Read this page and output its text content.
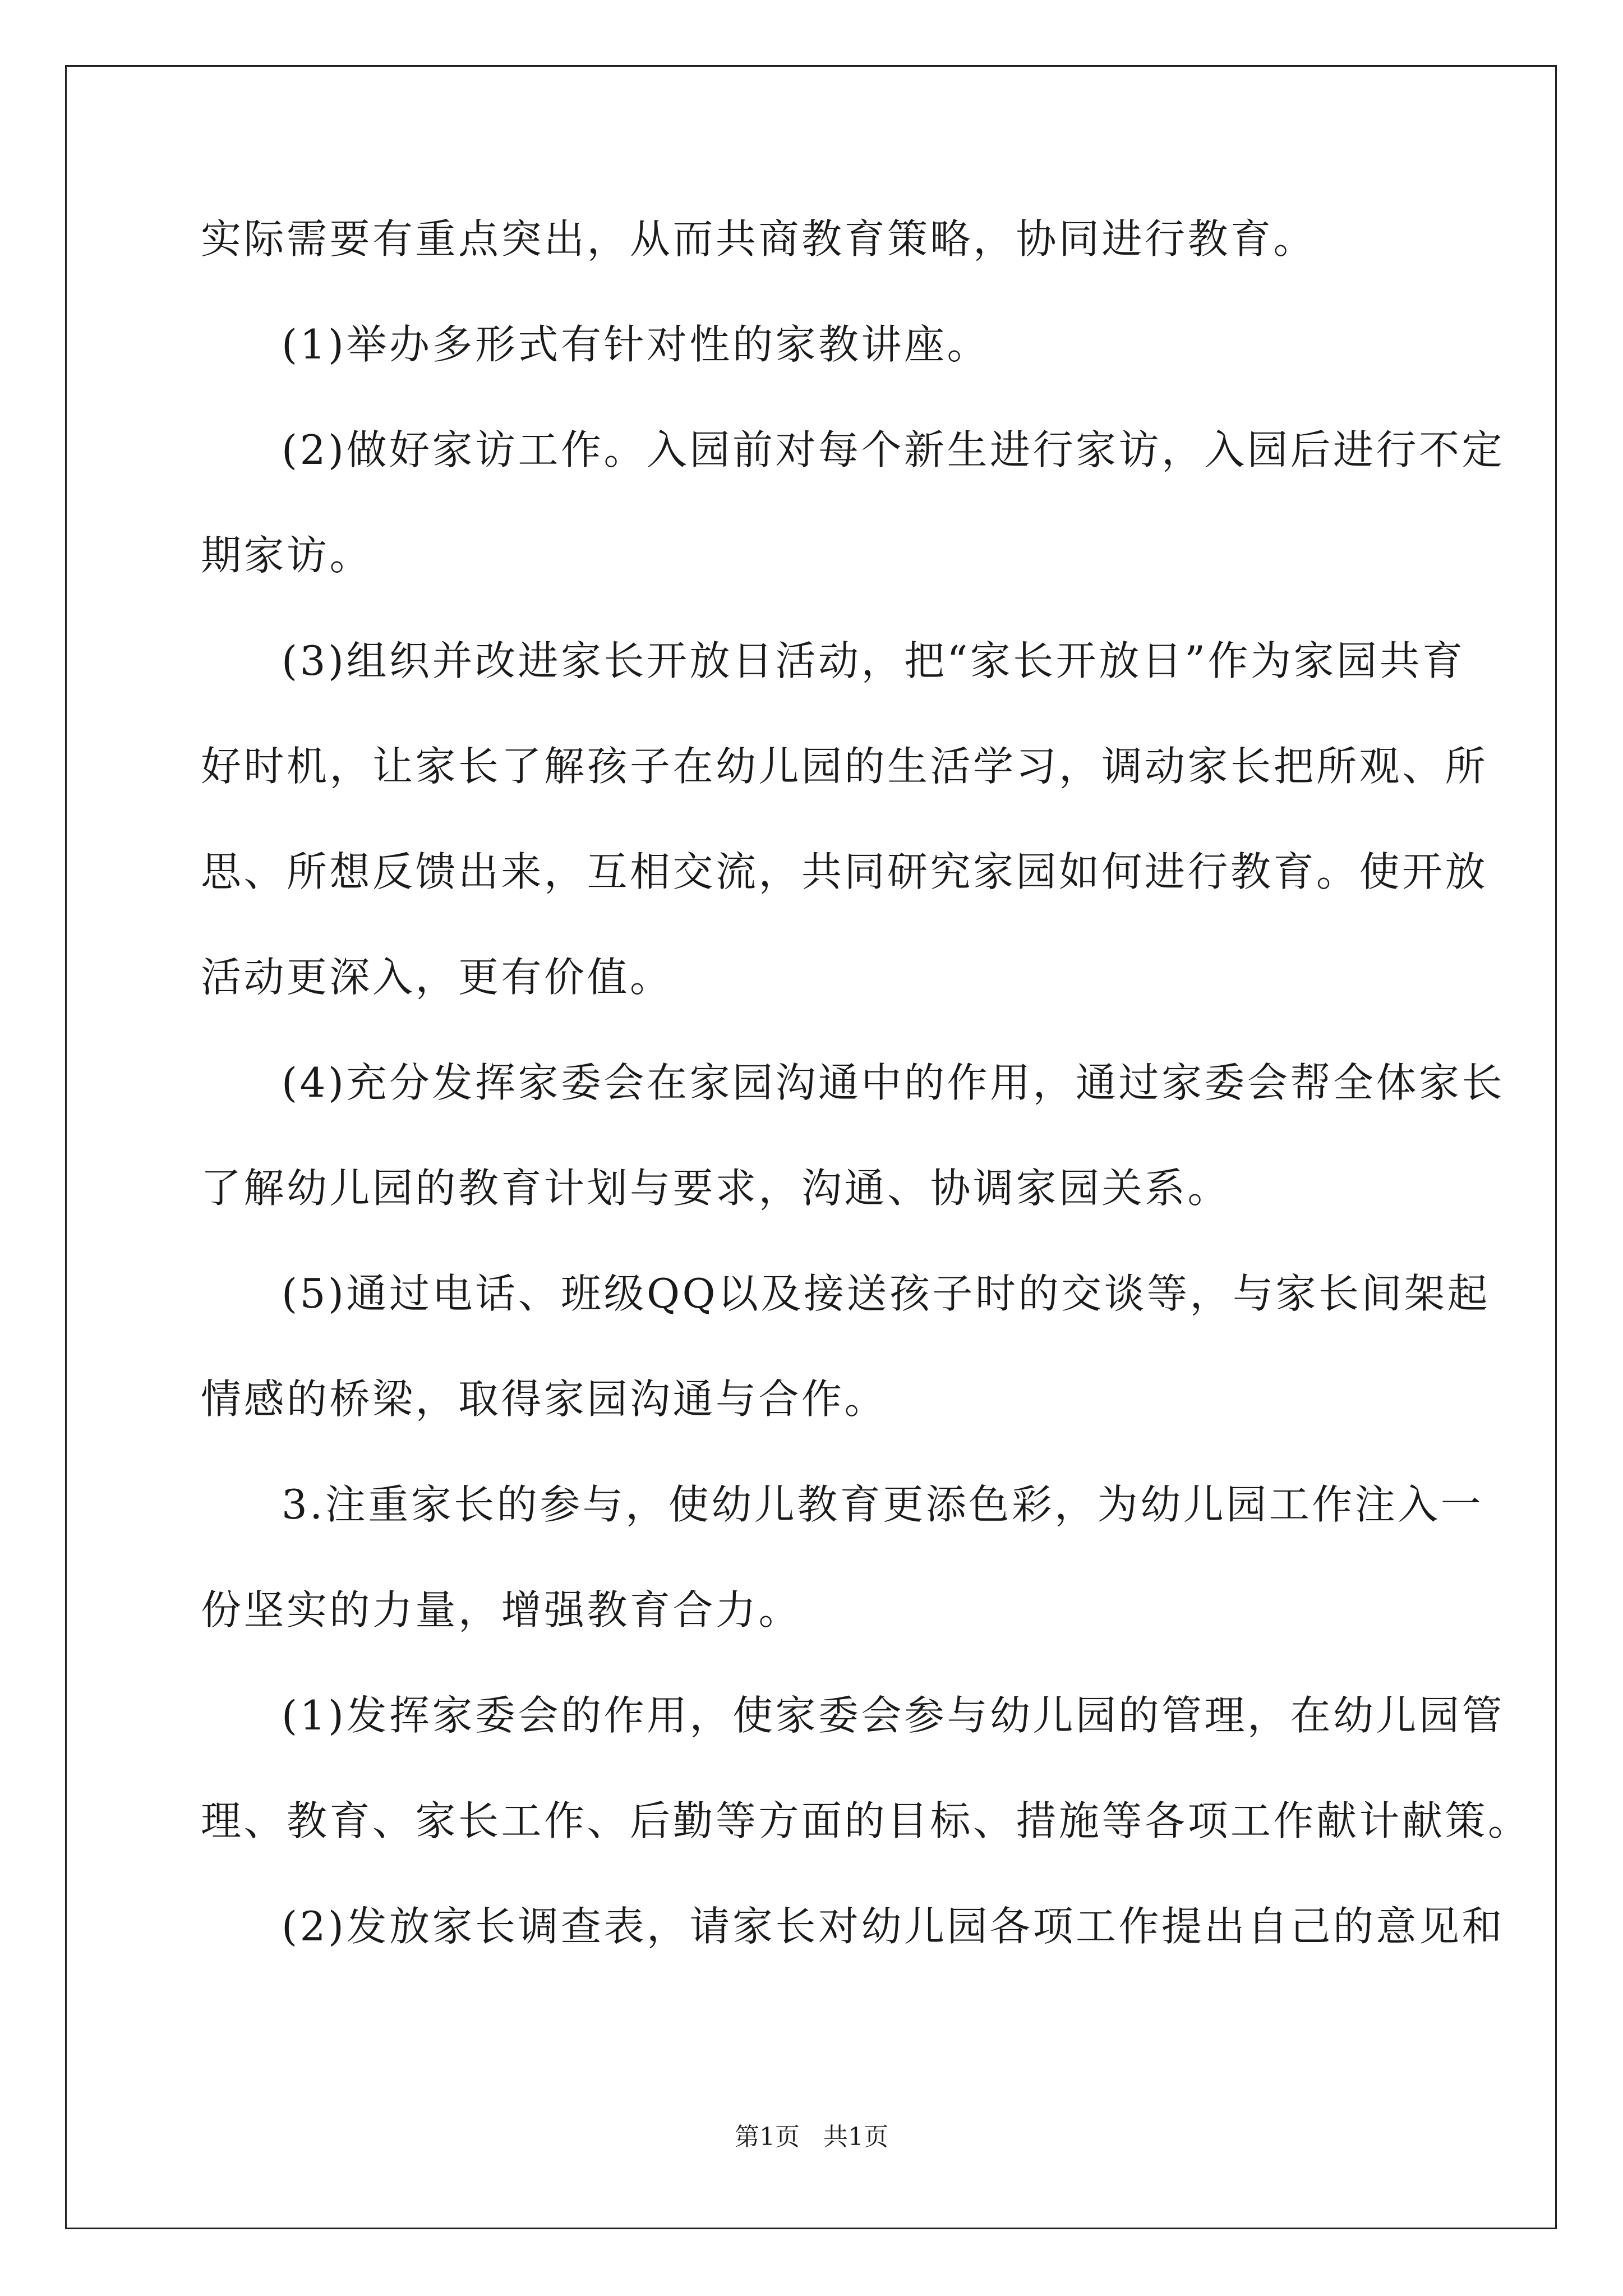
实际需要有重点突出，从而共商教育策略，协同进行教育。
(1)举办多形式有针对性的家教讲座。
(2)做好家访工作。入园前对每个新生进行家访，入园后进行不定
期家访。
(3)组织并改进家长开放日活动，把“家长开放日”作为家园共育
好时机，让家长了解孩子在幼儿园的生活学习，调动家长把所观、所
思、所想反馈出来，互相交流，共同研究家园如何进行教育。使开放
活动更深入，更有价值。
(4)充分发挥家委会在家园沟通中的作用，通过家委会帮全体家长
了解幼儿园的教育计划与要求，沟通、协调家园关系。
(5)通过电话、班级QQ以及接送孩子时的交谈等，与家长间架起
情感的桥梁，取得家园沟通与合作。
3.注重家长的参与，使幼儿教育更添色彩，为幼儿园工作注入一
份坚实的力量，增强教育合力。
(1)发挥家委会的作用，使家委会参与幼儿园的管理，在幼儿园管
理、教育、家长工作、后勤等方面的目标、措施等各项工作献计献策。
(2)发放家长调查表，请家长对幼儿园各项工作提出自己的意见和
第1页   共1页
